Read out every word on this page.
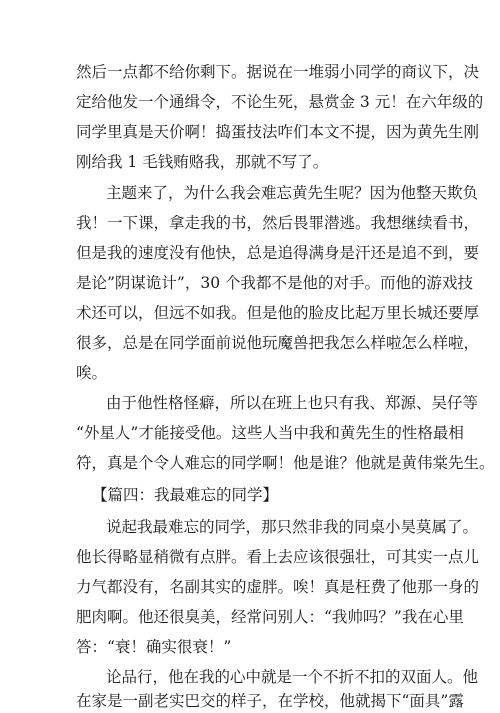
然后一点都不给你剩下。据说在一堆弱小同学的商议下，决
定给他发一个通缉令，不论生死，悬赏金 3 元！在六年级的
同学里真是天价啊！捣蛋技法咋们本文不提，因为黄先生刚
刚给我 1 毛钱贿赂我，那就不写了。
主题来了，为什么我会难忘黄先生呢？因为他整天欺负
我！一下课，拿走我的书，然后畏罪潜逃。我想继续看书，
但是我的速度没有他快，总是追得满身是汗还是追不到，要
是论”阴谋诡计”，30 个我都不是他的对手。而他的游戏技
术还可以，但远不如我。但是他的脸皮比起万里长城还要厚
很多，总是在同学面前说他玩魔兽把我怎么样啦怎么样啦，
唉。
由于他性格怪癖，所以在班上也只有我、郑源、吴仔等
“外星人”才能接受他。这些人当中我和黄先生的性格最相
符，真是个令人难忘的同学啊！他是谁？他就是黄伟棠先生。
【篇四：我最难忘的同学】
说起我最难忘的同学，那只然非我的同桌小昊莫属了。
他长得略显稍微有点胖。看上去应该很强壮，可其实一点儿
力气都没有，名副其实的虚胖。唉！真是枉费了他那一身的
肥肉啊。他还很臭美，经常问别人：“我帅吗？”我在心里
答：“衰！确实很衰！”
论品行，他在我的心中就是一个不折不扣的双面人。他
在家是一副老实巴交的样子，在学校，他就揭下“面具”露
